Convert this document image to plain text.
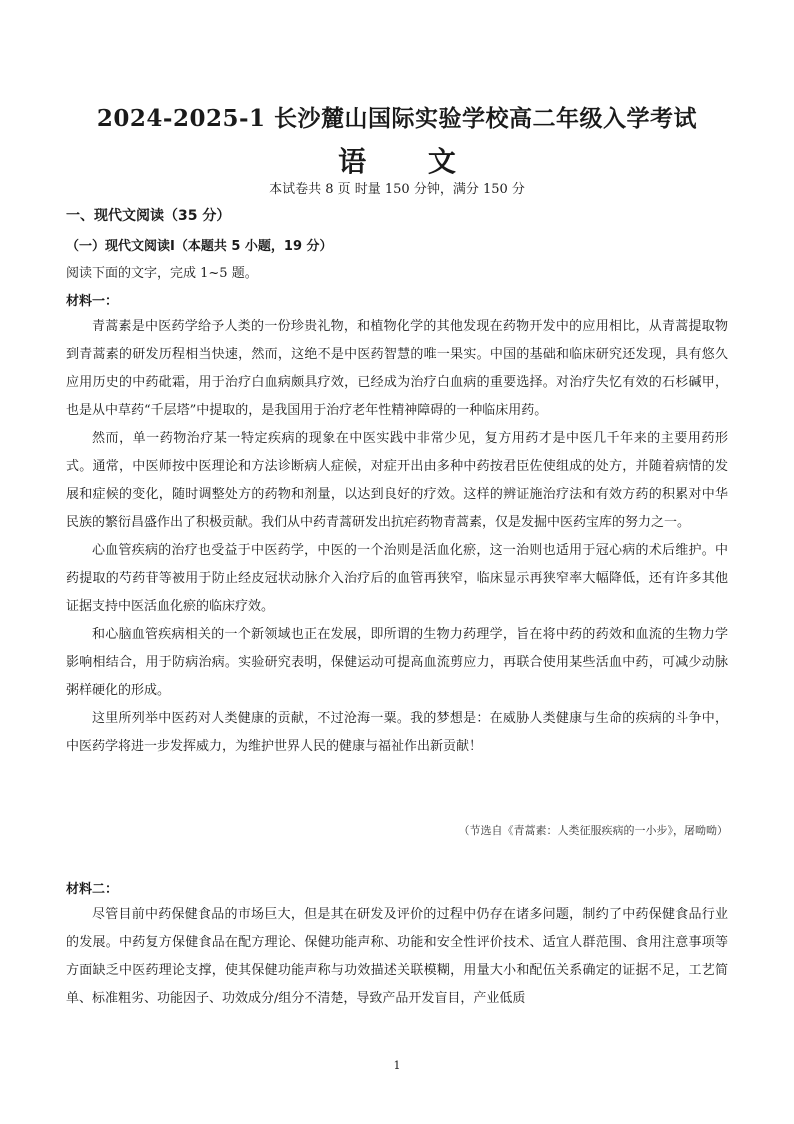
2024-2025-1 长沙麓山国际实验学校高二年级入学考试
语 文
本试卷共 8 页 时量 150 分钟，满分 150 分
一、现代文阅读（35 分）
（一）现代文阅读Ⅰ（本题共 5 小题，19 分）
阅读下面的文字，完成 1~5 题。
材料一：

青蒿素是中医药学给予人类的一份珍贵礼物，和植物化学的其他发现在药物开发中的应用相比，从青蒿提取物到青蒿素的研发历程相当快速，然而，这绝不是中医药智慧的唯一果实。中国的基础和临床研究还发现，具有悠久应用历史的中药砒霜，用于治疗白血病颇具疗效，已经成为治疗白血病的重要选择。对治疗失忆有效的石杉碱甲，也是从中草药“千层塔”中提取的，是我国用于治疗老年性精神障碍的一种临床用药。

然而，单一药物治疗某一特定疾病的现象在中医实践中非常少见，复方用药才是中医几千年来的主要用药形式。通常，中医师按中医理论和方法诊断病人症候，对症开出由多种中药按君臣佐使组成的处方，并随着病情的发展和症候的变化，随时调整处方的药物和剂量，以达到良好的疗效。这样的辨证施治疗法和有效方药的积累对中华民族的繁衍昌盛作出了积极贡献。我们从中药青蒿研发出抗疟药物青蒿素，仅是发掘中医药宝库的努力之一。

心血管疾病的治疗也受益于中医药学，中医的一个治则是活血化瘀，这一治则也适用于冠心病的术后维护。中药提取的芍药苷等被用于防止经皮冠状动脉介入治疗后的血管再狭窄，临床显示再狭窄率大幅降低，还有许多其他证据支持中医活血化瘀的临床疗效。

和心脑血管疾病相关的一个新领域也正在发展，即所谓的生物力药理学，旨在将中药的药效和血流的生物力学影响相结合，用于防病治病。实验研究表明，保健运动可提高血流剪应力，再联合使用某些活血中药，可减少动脉粥样硬化的形成。

这里所列举中医药对人类健康的贡献，不过沧海一粟。我的梦想是：在威胁人类健康与生命的疾病的斗争中，中医药学将进一步发挥威力，为维护世界人民的健康与福祉作出新贡献！

（节选自《青蒿素：人类征服疾病的一小步》，屠呦呦）
材料二：

尽管目前中药保健食品的市场巨大，但是其在研发及评价的过程中仍存在诸多问题，制约了中药保健食品行业的发展。中药复方保健食品在配方理论、保健功能声称、功能和安全性评价技术、适宜人群范围、食用注意事项等方面缺乏中医药理论支撑，使其保健功能声称与功效描述关联模糊，用量大小和配伍关系确定的证据不足，工艺简单、标准粗劣、功能因子、功效成分/组分不清楚，导致产品开发盲目，产业低质

1
